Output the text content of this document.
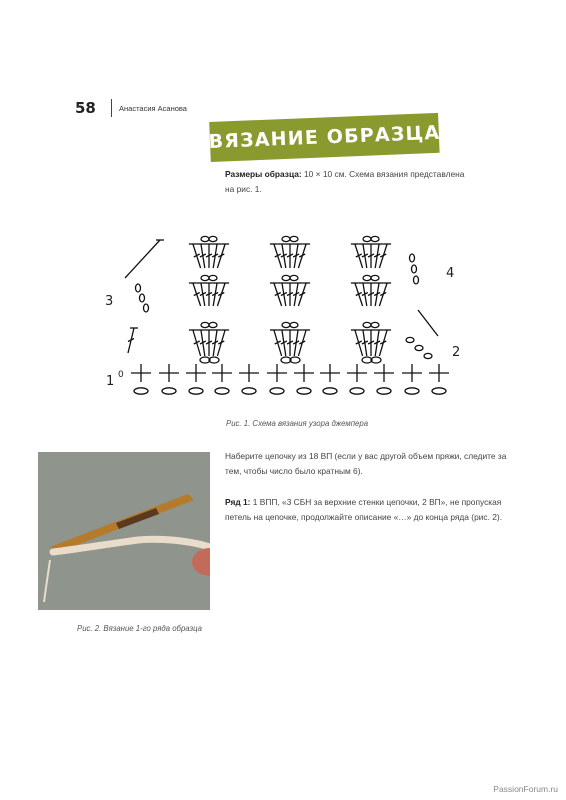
58	Анастасия Асанова
ВЯЗАНИЕ ОБРАЗЦА
Размеры образца: 10 × 10 см. Схема вязания представлена на рис. 1.
1 0
2
3
4
Рис. 1. Схема вязания узора джемпера
Рис. 2. Вязание 1-го ряда образца
Наберите цепочку из 18 ВП (если у вас другой объем пряжи, следите за тем, чтобы число было кратным 6).
Ряд 1: 1 ВПП, «3 СБН за верхние стенки цепочки, 2 ВП», не пропуская петель на цепочке, продолжайте описание «…» до конца ряда (рис. 2).
PassionForum.ru
